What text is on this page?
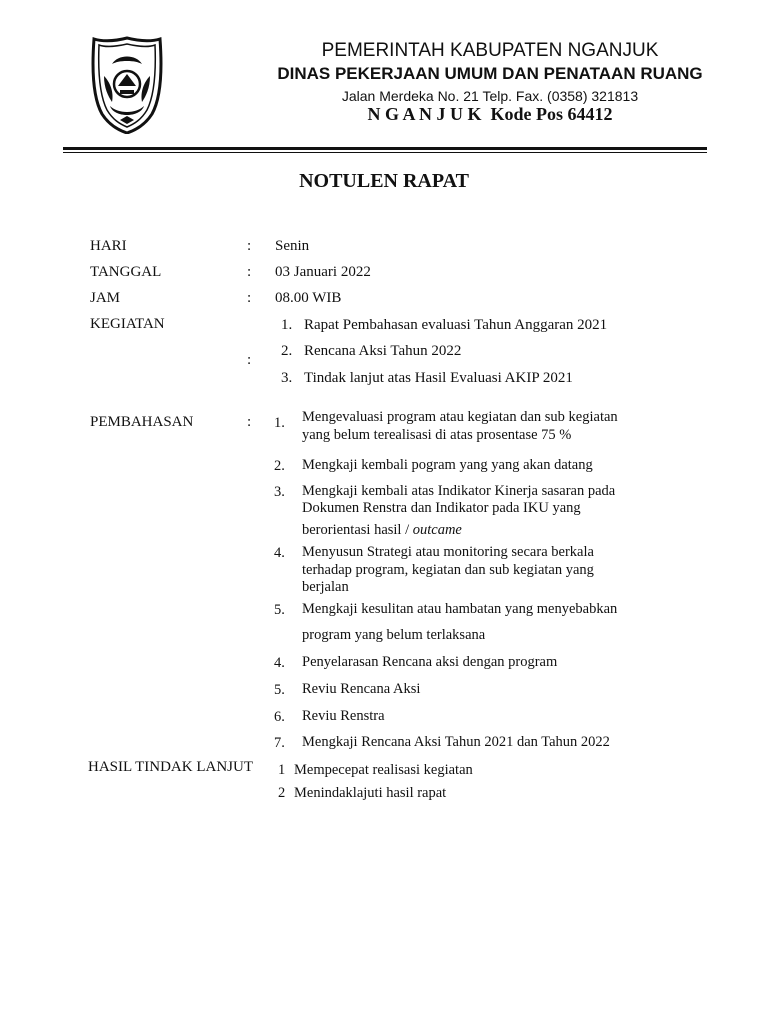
PEMERINTAH KABUPATEN NGANJUK
DINAS PEKERJAAN UMUM DAN PENATAAN RUANG
Jalan Merdeka No. 21 Telp. Fax. (0358) 321813
N G A N J U K  Kode Pos 64412
NOTULEN RAPAT
HARI	: Senin
TANGGAL	: 03 Januari 2022
JAM	: 08.00 WIB
KEGIATAN
:
1. Rapat Pembahasan evaluasi Tahun Anggaran 2021
2. Rencana Aksi Tahun 2022
3. Tindak lanjut atas Hasil Evaluasi AKIP 2021
PEMBAHASAN	: 1. Mengevaluasi program atau kegiatan dan sub kegiatan
yang belum terealisasi di atas prosentase 75 %
2. Mengkaji kembali pogram yang yang akan datang
3. Mengkaji kembali atas Indikator Kinerja sasaran pada
Dokumen Renstra dan Indikator pada IKU yang
berorientasi hasil / outcame
4. Menyusun Strategi atau monitoring secara berkala
terhadap program, kegiatan dan sub kegiatan yang
berjalan
5. Mengkaji kesulitan atau hambatan yang menyebabkan
program yang belum terlaksana
4. Penyelarasan Rencana aksi dengan program
5. Reviu Rencana Aksi
6. Reviu Renstra
7. Mengkaji Rencana Aksi Tahun 2021 dan Tahun 2022
HASIL TINDAK LANJUT 1 Mempecepat realisasi kegiatan
2 Menindaklajuti hasil rapat
